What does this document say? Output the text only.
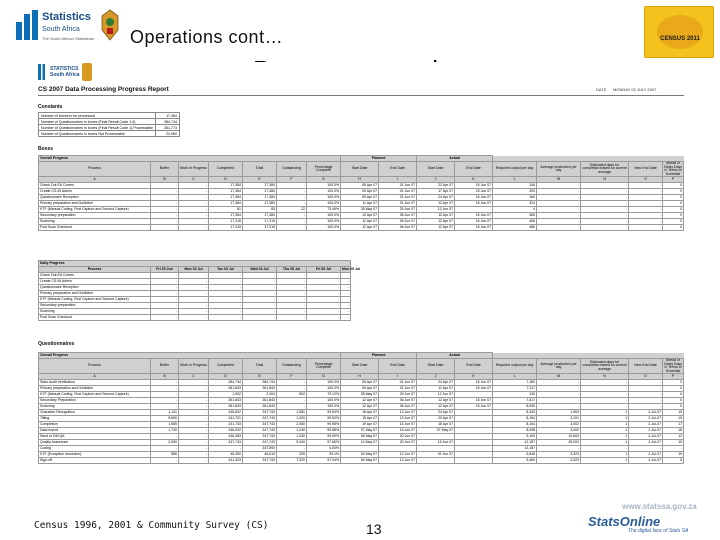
Statistics
South Africa
The South African Statistician Operations cont…	CENSUS 2011
STATISTICS
South Africa
CS 2007 Data Processing Progress Report	DATE MONDAY 02 JULY 2007
Constants
Number of boxes to be processed	17,384
Number of Questionnaires in boxes (Final Result Code 1-4)	284,744
Number of Questionnaires in boxes (Final Result Code 1) Processable	261,773
Number of Questionnaires in boxes Not Processable	22,960
Boxes
Overall Progress							Planned		Actual						
Process	Buffer	Work in Progress	Completed	Total	Outstanding	Percentage Complete	Start Date	End Date	Start Date	End Date	Required output per day	Average production per day	Estimated days for completion based on current average	New End Date	Ahead or Delay Days in Terms of Schedule
A	B	C	D	E	F	G	H	I	J	K	L	M	N	O	P
Check Out EA Covers	-	-	17,384	17,384	-	100.0%	05 Apr 07	01 Jun 07	22 Apr 07	15 Jun 07	146	-	-	-	0
Create CS-IN Admin	-	-	17,384	17,384	-	100.0%	09 Apr 07	01 Jun 07	17 Apr 07	15 Jun 07	200	-	-	-	0
Questionnaire Reception	-	-	17,384	17,384	-	100.0%	09 Apr 07	01 Jun 07	24 Apr 07	15 Jun 07	160	-	-	-	0
Primary preparation and Guillotine	-	-	17,384	17,384	-	100.0%	11 Apr 07	01 Jun 07	12 Apr 07	15 Jun 07	324	-	-	-	0
KTF (Manual Coding, First Capture and Second Capture)	-	-	61	83	22	73.49%	28 May 07	29 Jun 07	12 Jun 07		4	-	-	-	0
Secondary preparation	-	-	17,384	17,384	-	100.0%	12 Apr 07	06 Jun 07	12 Apr 07	15 Jun 07	465	-	-	-	0
Scanning	-	-	17,315	17,315	-	100.0%	12 Apr 07	06 Jun 07	12 Apr 07	15 Jun 07	465	-	-	-	0
Post Scan Checkout	-	-	17,315	17,315	-	100.0%	12 Apr 07	06 Jun 07	12 Apr 07	15 Jun 07	480	-	-	-	0
Daily Progress							
Process	Fri 29 Jun	Mon 02 Jul	Tue 03 Jul	Wed 04 Jul	Thu 05 Jul	Fri 06 Jul	Mon 09 Jul
Check Out EA Covers	-	-	-	-	-	-	-
Create CS-IN Admin	-	-	-	-	-	-	-
Questionnaire Reception	-	-	-	-	-	-	-
Primary preparation and Guillotine	-	-	-	-	-	-	-
KTF (Manual Coding, First Capture and Second Capture)	-	-	-	-	-	-	-
Secondary preparation	-	-	-	-	-	-	-
Scanning	-	-	-	-	-	-	-
Post Scan Checkout	-	-	-	-	-	-	-
Questionnaires
Overall Progress							Planned		Actual						
Process	Buffer	Work in Progress	Completed	Total	Outstanding	Percentage Complete	Start Date	End Date	Start Date	End Date	Required output per day	Average production per day	Estimated days for completion based on current average	New End Date	Ahead or Delay Days in Terms of Schedule
A	B	C	D	E	F	G	H	I	J	K	L	M	N	O	P
Stats Audit Verification	-	-	284,744	284,744	-	100.0%	05 Apr 07	01 Jun 07	24 Apr 07	15 Jun 07	7,180	-	-	-	0
Primary preparation and Guillotine	-	-	261,843	261,843	-	100.0%	09 Apr 07	01 Jun 07	11 Apr 07	15 Jun 07	7,117	-	-	-	0
KTF (Manual Coding, First Capture and Second Capture)	-	-	1,902	2,404	502	79.12%	28 May 07	29 Jun 07	12 Jun 07		130	-	-	-	0
Secondary Preparation	-	-	261,843	261,843	-	100.0%	12 Apr 07	06 Jun 07	12 Apr 07	15 Jun 07	7,617	-	-	-	0
Scanning	-	-	261,843	261,843	-	100.0%	12 Apr 07	06 Jun 07	12 Apr 07	15 Jun 07	8,090	-	-	-	0
Character Recognition	1,141	-	246,602	247,743	1,581	99.54%	16 Apr 07	12 Jun 07	24 Apr 07		8,343	1,903	1	2-Jul-07	19
Tilting	5,690	-	241,701	247,743	1,320	99.52%	15 Apr 07	13 Jun 07	20 Apr 07		8,194	2,191	1	2-Jul-07	19
Completion	1,565	-	241,743	247,743	2,080	99.98%	19 Apr 07	15 Jun 07	18 Apr 07		8,164	3,002	1	2-Jul-07	17
Data export	1,740	-	246,002	247,743	1,240	99.58%	07 May 07	15 Jun 07	07 May 07		8,098	3,000	1	2-Jul-07	18
Send to DM QA	-	-	246,283	247,743	1,240	99.50%	08 May 07	20 Jun 07			9,100	10,600	1	2-Jul-07	12
Quality Assurance	2,500	-	247,743	247,743	9,340	97.66%	14 May 07	20 Jun 07	15 Jun 07		12,187	25,002	1	2-Jul-07	10
Coding	-	-	-	247,890	-	0.00%					12,187	-	-	-	-
KTF (Exception resolution)	586	-	45,300	46,610	325	99.1%	04 May 07	12 Jun 07	01 Jun 07		9,646	3,323	1	2-Jul-07	19
Sign-off	-	-	241,423	247,743	7,320	97.04%	04 May 07	12 Jun 07			9,460	3,323	1	4-Jul-07	5
Census 1996, 2001 & Community Survey (CS)	13
www.statssa.gov.za
StatsOnline
The digital face of Stats SA
